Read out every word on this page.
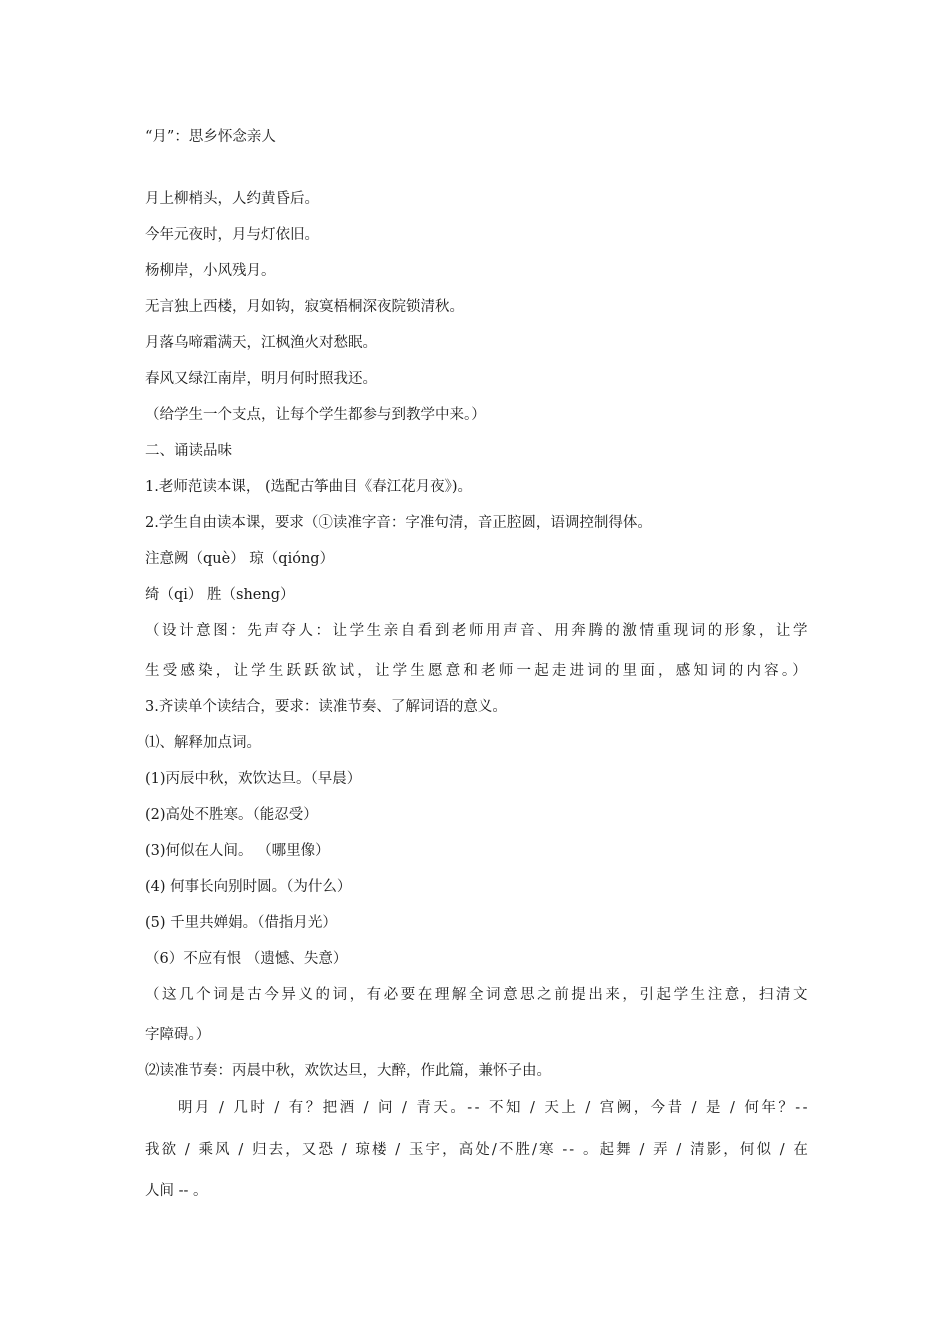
“月”：思乡怀念亲人
月上柳梢头，人约黄昏后。
今年元夜时，月与灯依旧。
杨柳岸，小风残月。
无言独上西楼，月如钩，寂寞梧桐深夜院锁清秋。
月落乌啼霜满天，江枫渔火对愁眠。
春风又绿江南岸，明月何时照我还。
（给学生一个支点，让每个学生都参与到教学中来。）
二、诵读品味
1.老师范读本课， (选配古筝曲目《春江花月夜》)。
2.学生自由读本课，要求（①读准字音：字准句清，音正腔圆，语调控制得体。
注意阙（què） 琼（qióng）
绮（qi） 胜（sheng）
（设计意图：先声夺人：让学生亲自看到老师用声音、用奔腾的激情重现词的形象，让学
生受感染，让学生跃跃欲试，让学生愿意和老师一起走进词的里面，感知词的内容。）
3.齐读单个读结合，要求：读准节奏、了解词语的意义。
⑴、解释加点词。
(1)丙辰中秋，欢饮达旦。（早晨）
(2)高处不胜寒。（能忍受）
(3)何似在人间。 （哪里像）
(4) 何事长向别时圆。（为什么）
(5) 千里共婵娟。（借指月光）
（6）不应有恨 （遗憾、失意）
（这几个词是古今异义的词，有必要在理解全词意思之前提出来，引起学生注意，扫清文
字障碍。）
⑵读准节奏：丙晨中秋，欢饮达旦，大醉，作此篇，兼怀子由。
明月 / 几时 / 有？把酒 / 问 / 青天。-- 不知 / 天上 / 宫阙，今昔 / 是 / 何年？--
我欲 / 乘风 / 归去，又恐 / 琼楼 / 玉宇，高处/不胜/寒 -- 。起舞 / 弄 / 清影，何似 / 在
人间 -- 。
